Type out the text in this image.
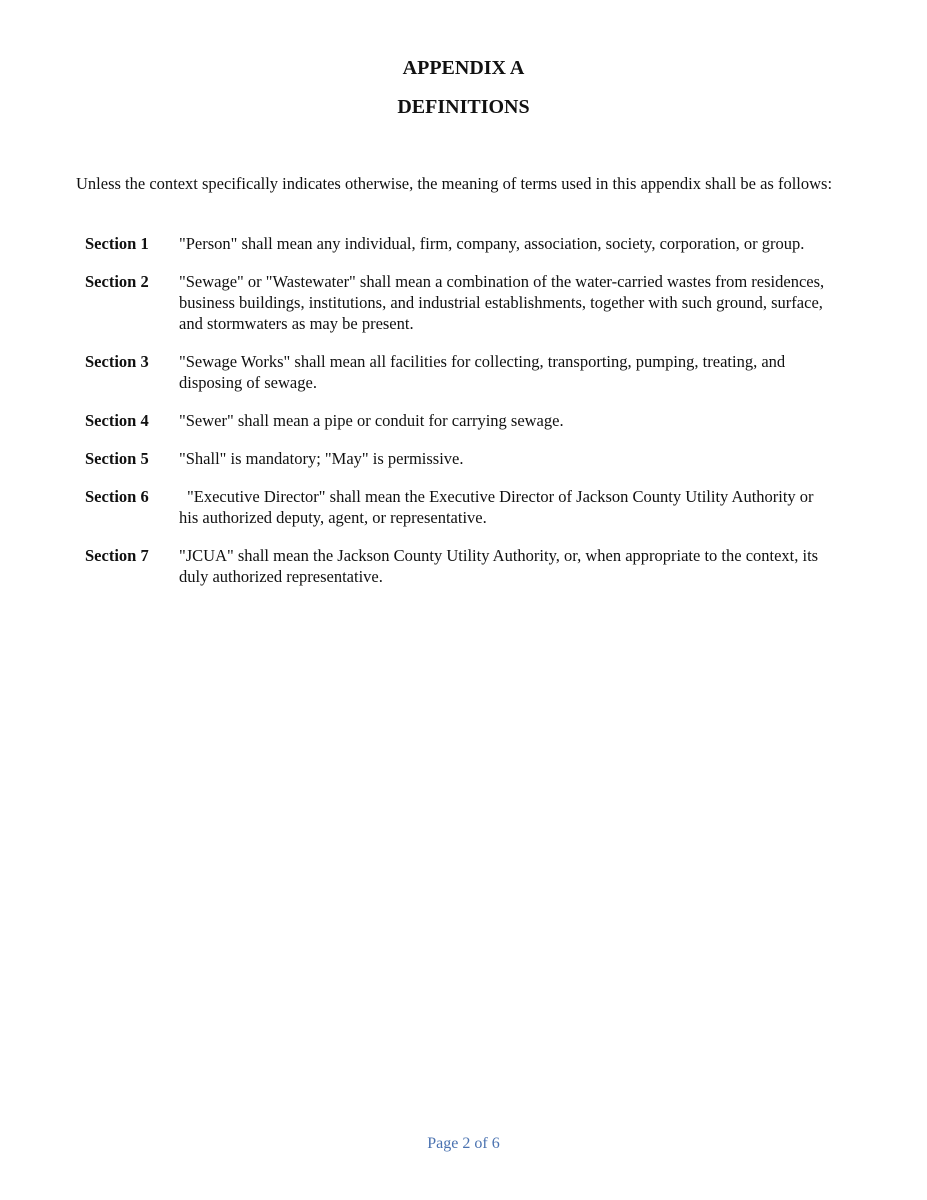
APPENDIX A
DEFINITIONS
Unless the context specifically indicates otherwise, the meaning of terms used in this appendix shall be as follows:
Section 1	"Person" shall mean any individual, firm, company, association, society, corporation, or group.
Section 2	"Sewage" or "Wastewater" shall mean a combination of the water-carried wastes from residences, business buildings, institutions, and industrial establishments, together with such ground, surface, and stormwaters as may be present.
Section 3	"Sewage Works" shall mean all facilities for collecting, transporting, pumping, treating, and disposing of sewage.
Section 4	"Sewer" shall mean a pipe or conduit for carrying sewage.
Section 5	"Shall" is mandatory; "May" is permissive.
Section 6	"Executive Director" shall mean the Executive Director of Jackson County Utility Authority or his authorized deputy, agent, or representative.
Section 7	"JCUA" shall mean the Jackson County Utility Authority, or, when appropriate to the context, its duly authorized representative.
Page 2 of 6
